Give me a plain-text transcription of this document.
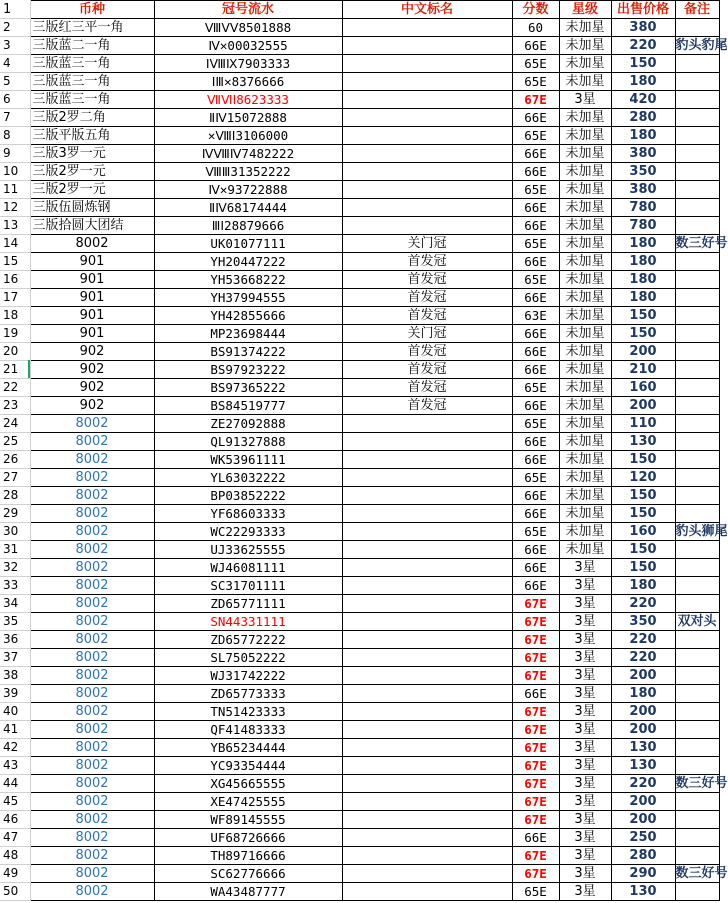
1	币种	冠号流水	中文标名	分数	星级	出售价格	备注
2	三版红三平一角	ⅧⅤⅤ8501888		60	未加星	380	
3	三版蓝二一角	Ⅳ✕00032555		66E	未加星	220	豹头豹尾
4	三版蓝三一角	ⅠⅧⅨ7903333		65E	未加星	150	
5	三版蓝三一角	ⅠⅢ✕8376666		65E	未加星	180	
6	三版蓝三一角	ⅦⅥⅠ8623333		67E	3星	420	
7	三版2罗二角	ⅡⅣ15072888		66E	未加星	280	
8	三版平版五角	✕ⅧⅠ3106000		65E	未加星	180	
9	三版3罗一元	ⅣⅧⅣ7482222		66E	未加星	380	
10	三版2罗一元	ⅧⅢ31352222		66E	未加星	350	
11	三版2罗一元	Ⅳ✕93722888		65E	未加星	380	
12	三版伍圆炼钢	ⅡⅣ68174444		66E	未加星	780	
13	三版拾圆大团结	ⅢⅠ28879666		66E	未加星	780	
14	8002	UK01077111	关门冠	65E	未加星	180	数三好号
15	901	YH20447222	首发冠	66E	未加星	180	
16	901	YH53668222	首发冠	65E	未加星	180	
17	901	YH37994555	首发冠	66E	未加星	180	
18	901	YH42855666	首发冠	63E	未加星	150	
19	901	MP23698444	关门冠	66E	未加星	150	
20	902	BS91374222	首发冠	66E	未加星	200	
21	902	BS97923222	首发冠	66E	未加星	210	
22	902	BS97365222	首发冠	65E	未加星	160	
23	902	BS84519777	首发冠	66E	未加星	200	
24	8002	ZE27092888		65E	未加星	110	
25	8002	QL91327888		66E	未加星	130	
26	8002	WK53961111		66E	未加星	150	
27	8002	YL63032222		65E	未加星	120	
28	8002	BP03852222		66E	未加星	150	
29	8002	YF68603333		66E	未加星	150	
30	8002	WC22293333		65E	未加星	160	豹头狮尾
31	8002	UJ33625555		66E	未加星	150	
32	8002	WJ46081111		66E	3星	150	
33	8002	SC31701111		66E	3星	180	
34	8002	ZD65771111		67E	3星	220	
35	8002	SN44331111		67E	3星	350	双对头
36	8002	ZD65772222		67E	3星	220	
37	8002	SL75052222		67E	3星	220	
38	8002	WJ31742222		67E	3星	200	
39	8002	ZD65773333		66E	3星	180	
40	8002	TN51423333		67E	3星	200	
41	8002	QF41483333		67E	3星	200	
42	8002	YB65234444		67E	3星	130	
43	8002	YC93354444		67E	3星	130	
44	8002	XG45665555		67E	3星	220	数三好号
45	8002	XE47425555		67E	3星	200	
46	8002	WF89145555		67E	3星	200	
47	8002	UF68726666		66E	3星	250	
48	8002	TH89716666		67E	3星	280	
49	8002	SC62776666		67E	3星	290	数三好号
50	8002	WA43487777		65E	3星	130	
